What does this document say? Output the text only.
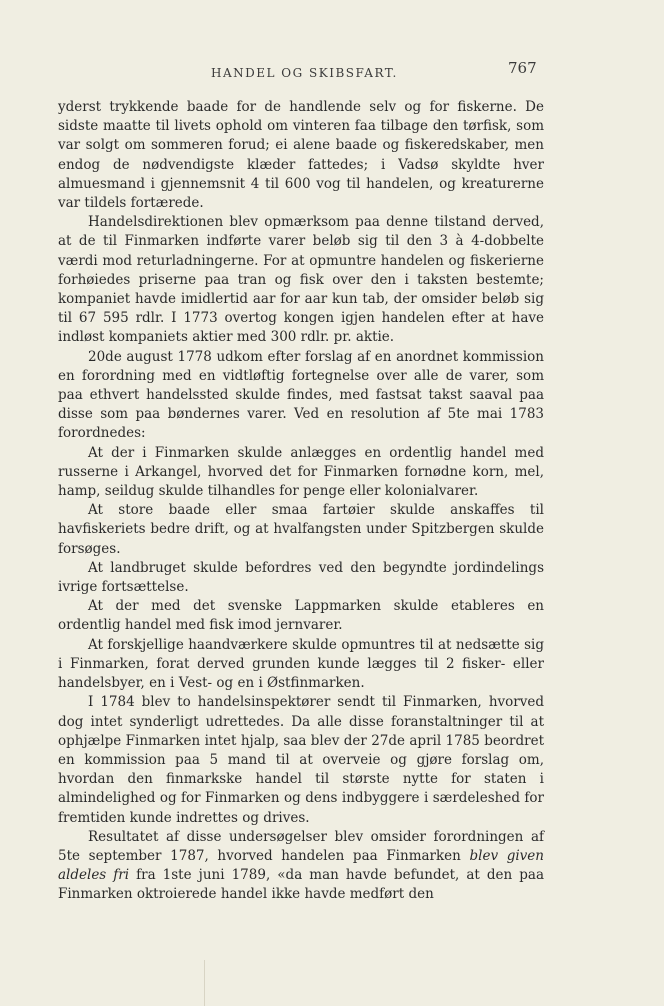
HANDEL OG SKIBSFART.	767

yderst trykkende baade for de handlende selv og for fiskerne. De sidste maatte til livets ophold om vinteren faa tilbage den tørfisk, som var solgt om sommeren forud; ei alene baade og fiskeredskaber, men endog de nødvendigste klæder fattedes; i Vadsø skyldte hver almuesmand i gjennemsnit 4 til 600 vog til handelen, og kreaturerne var tildels fortærede.

Handelsdirektionen blev opmærksom paa denne tilstand derved, at de til Finmarken indførte varer beløb sig til den 3 à 4-dobbelte værdi mod returladningerne. For at opmuntre handelen og fiskerierne forhøiedes priserne paa tran og fisk over den i taksten bestemte; kompaniet havde imidlertid aar for aar kun tab, der omsider beløb sig til 67 595 rdlr. I 1773 overtog kongen igjen handelen efter at have indløst kompaniets aktier med 300 rdlr. pr. aktie.

20de august 1778 udkom efter forslag af en anordnet kommission en forordning med en vidtløftig fortegnelse over alle de varer, som paa ethvert handelssted skulde findes, med fastsat takst saaval paa disse som paa bøndernes varer. Ved en resolution af 5te mai 1783 forordnedes:

At der i Finmarken skulde anlægges en ordentlig handel med russerne i Arkangel, hvorved det for Finmarken fornødne korn, mel, hamp, seildug skulde tilhandles for penge eller kolonialvarer.

At store baade eller smaa fartøier skulde anskaffes til havfiskeriets bedre drift, og at hvalfangsten under Spitzbergen skulde forsøges.

At landbruget skulde befordres ved den begyndte jordindelings ivrige fortsættelse.

At der med det svenske Lappmarken skulde etableres en ordentlig handel med fisk imod jernvarer.

At forskjellige haandværkere skulde opmuntres til at nedsætte sig i Finmarken, forat derved grunden kunde lægges til 2 fisker- eller handelsbyer, en i Vest- og en i Østfinmarken.

I 1784 blev to handelsinspektører sendt til Finmarken, hvorved dog intet synderligt udrettedes. Da alle disse foranstaltninger til at ophjælpe Finmarken intet hjalp, saa blev der 27de april 1785 beordret en kommission paa 5 mand til at overveie og gjøre forslag om, hvordan den finmarkske handel til største nytte for staten i almindelighed og for Finmarken og dens indbyggere i særdeleshed for fremtiden kunde indrettes og drives.

Resultatet af disse undersøgelser blev omsider forordningen af 5te september 1787, hvorved handelen paa Finmarken blev given aldeles fri fra 1ste juni 1789, «da man havde befundet, at den paa Finmarken oktroierede handel ikke havde medført den
